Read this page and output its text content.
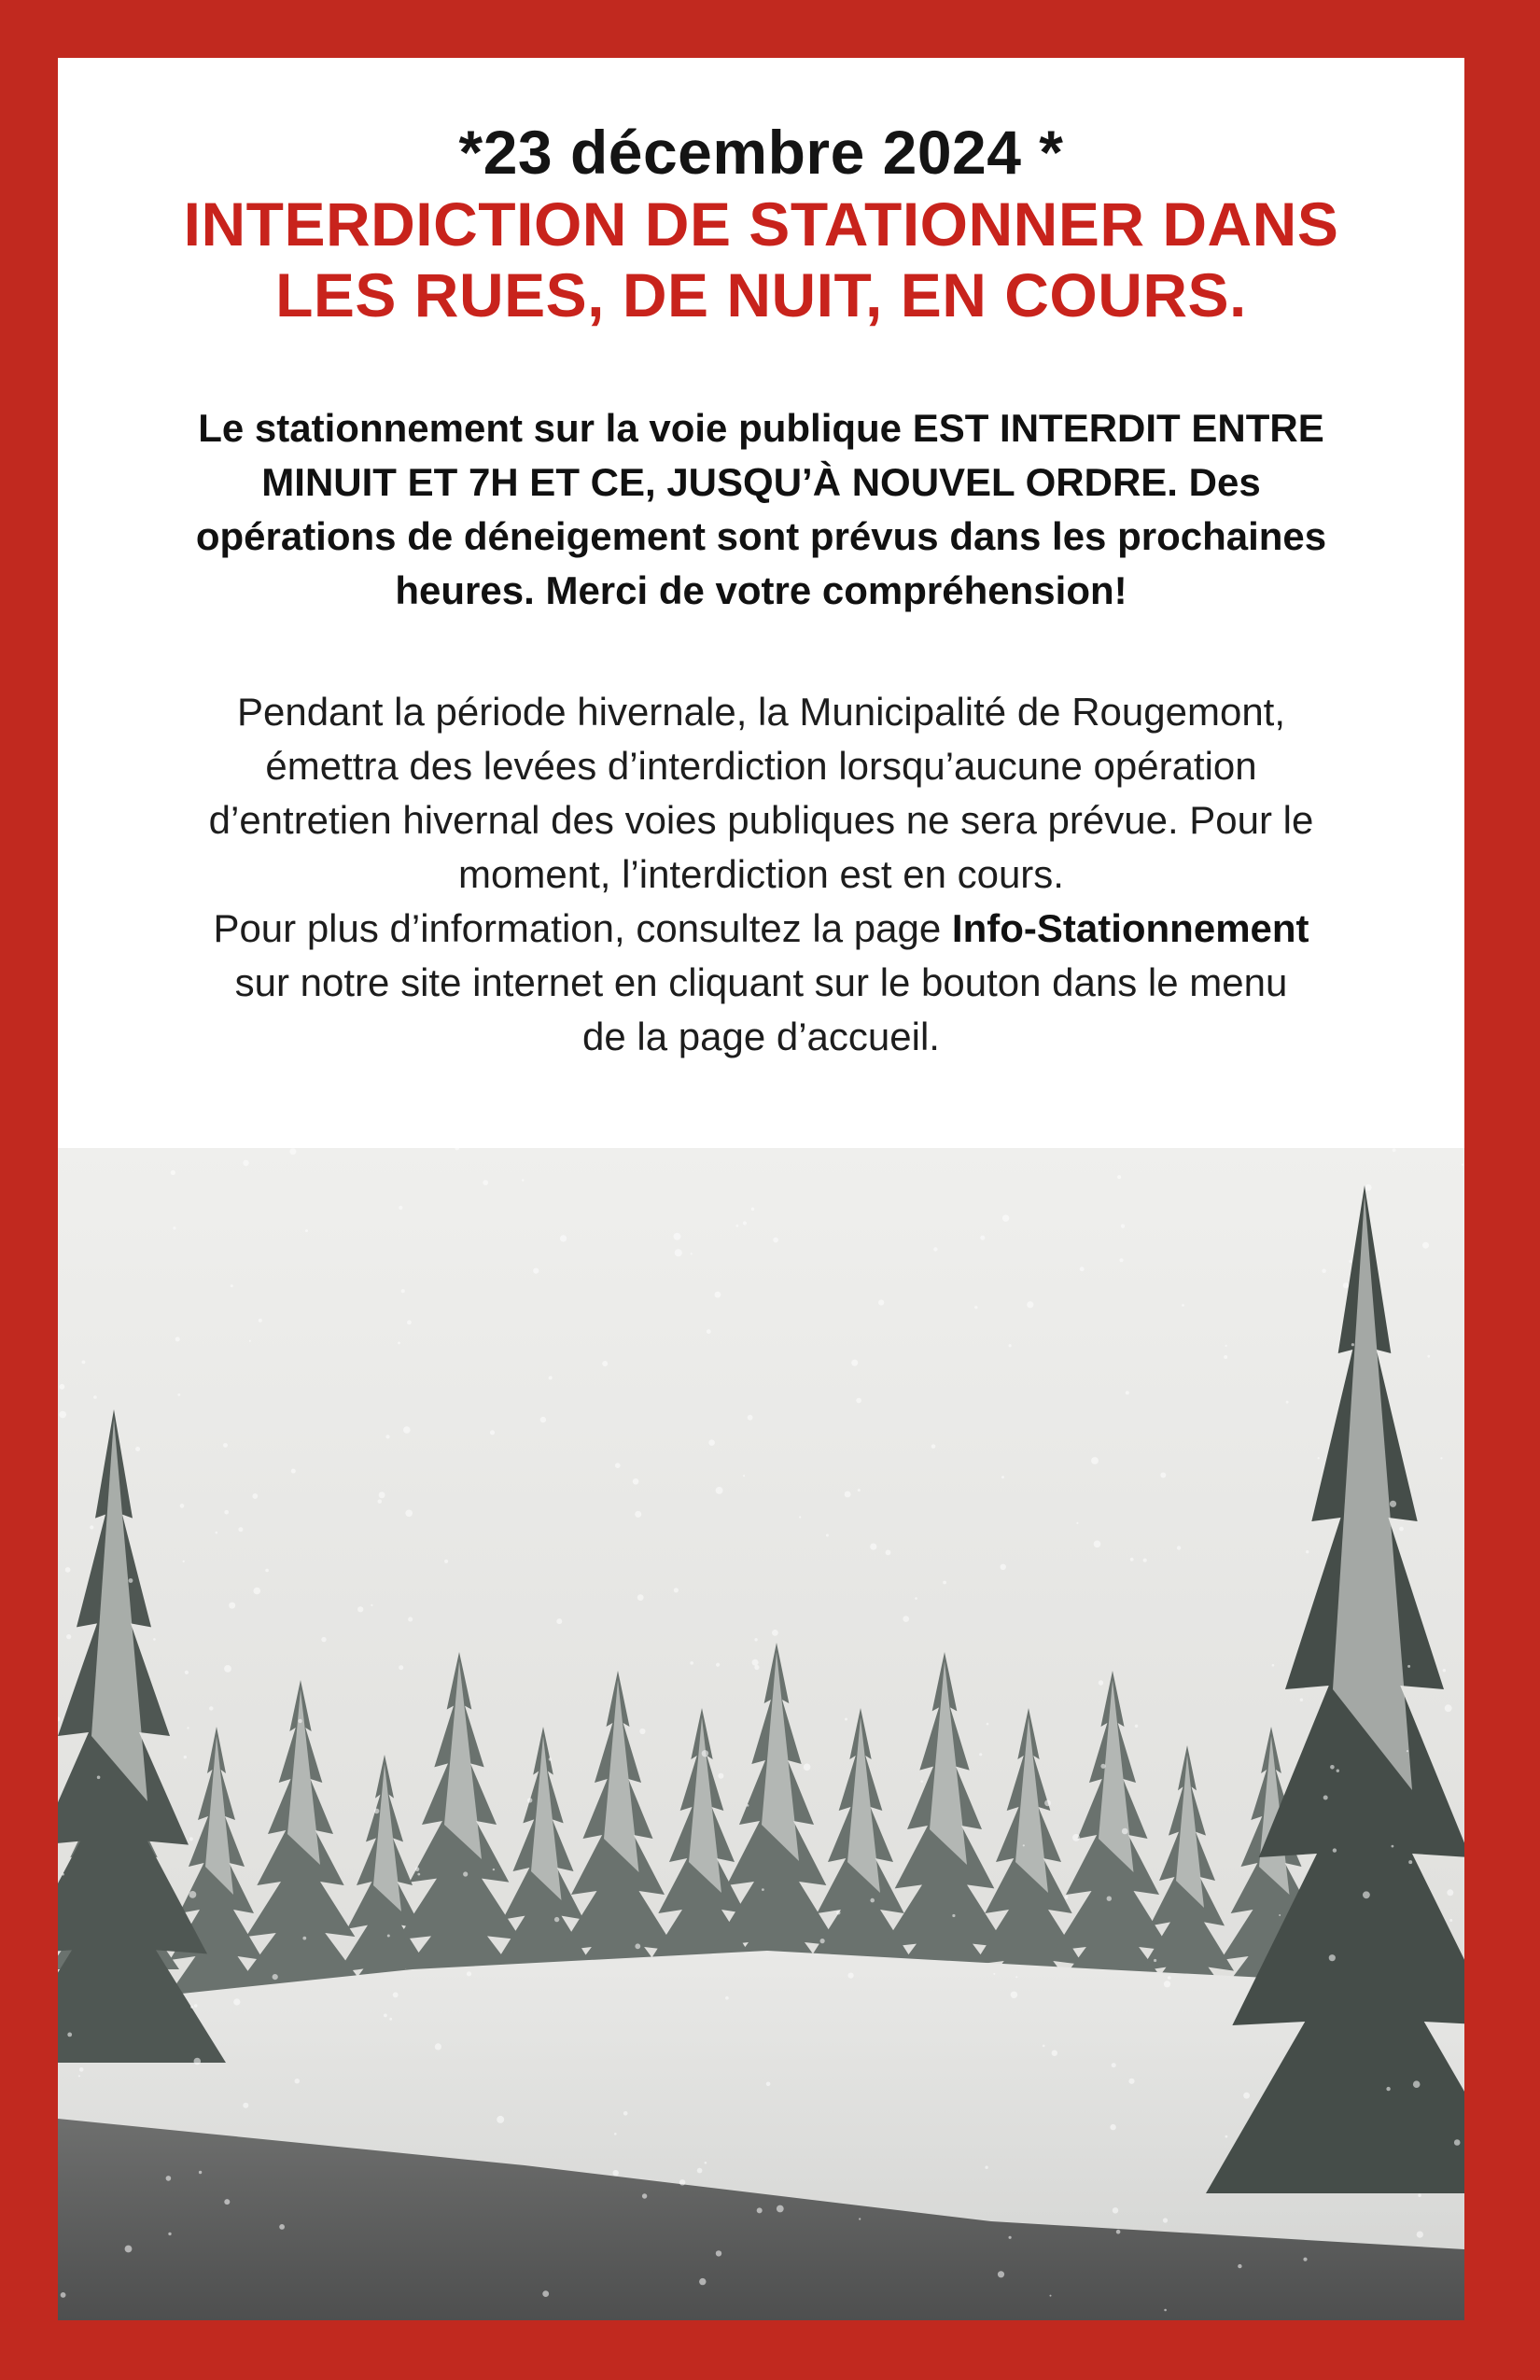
*23 décembre 2024 *
INTERDICTION DE STATIONNER DANS
LES RUES, DE NUIT, EN COURS.
Le stationnement sur la voie publique EST INTERDIT ENTRE
MINUIT ET 7H ET CE, JUSQU’À NOUVEL ORDRE. Des
opérations de déneigement sont prévus dans les prochaines
heures. Merci de votre compréhension!
Pendant la période hivernale, la Municipalité de Rougemont,
émettra des levées d’interdiction lorsqu’aucune opération
d’entretien hivernal des voies publiques ne sera prévue. Pour le
moment, l’interdiction est en cours.
Pour plus d’information, consultez la page Info-Stationnement
sur notre site internet en cliquant sur le bouton dans le menu
de la page d’accueil.
